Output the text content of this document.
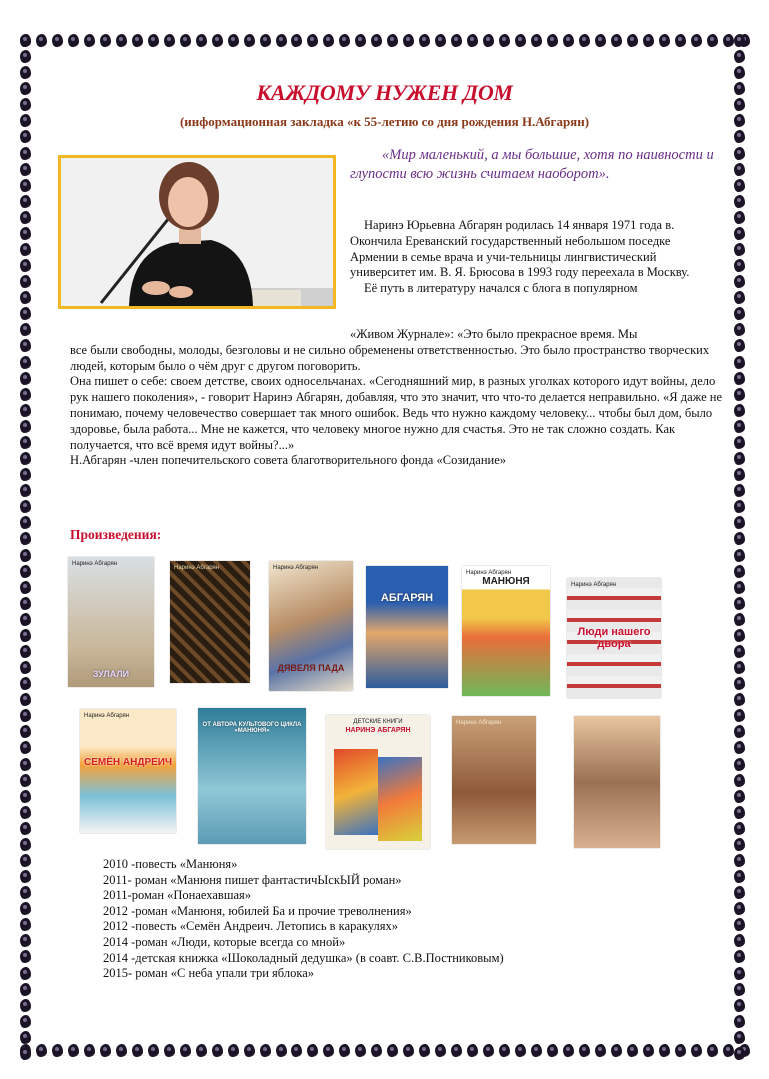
КАЖДОМУ НУЖЕН ДОМ
(информационная закладка «к 55-летию со дня рождения Н.Абгарян)
«Мир маленький, а мы большие, хотя по наивности и глупости всю жизнь считаем наоборот».

Наринэ Юрьевна Абгарян родилась 14 января 1971 года в. Окончила Ереванский государственный небольшом поседке Армении в семье врача и учи-тельницы лингвистический университет им. В. Я. Брюсова в 1993 году переехала в Москву.

Её путь в литературу начался с блога в популярном

«Живом Журнале»: «Это было прекрасное время. Мы

все были свободны, молоды, безголовы и не сильно обременены ответственностью. Это было пространство творческих людей, которым было о чём друг с другом поговорить.

Она пишет о себе: своем детстве, своих односельчанах. «Сегодняшний мир, в разных уголках которого идут войны, дело рук нашего поколения», - говорит Наринэ Абгарян, добавляя, что это значит, что что-то делается неправильно. «Я даже не понимаю, почему человечество совершает так много ошибок. Ведь что нужно каждому человеку... чтобы был дом, было здоровье, была работа... Мне не кажется, что человеку многое нужно для счастья. Это не так сложно создать. Как получается, что всё время идут войны?...»

Н.Абгарян -член попечительского совета благотворительного фонда «Созидание»

Произведения:
Наринэ Абгарян
ЗУЛАЛИ
Наринэ Абгарян	Наринэ Абгарян
ДЯВЕЛЯ ПАДА
АБГАРЯН
Наринэ Абгарян
МАНЮНЯ	Наринэ Абгарян
Люди нашего двора
Наринэ Абгарян
СЕМЁН АНДРЕИЧ
ОТ АВТОРА КУЛЬТОВОГО ЦИКЛА «МАНЮНЯ»
ДЕТСКИЕ КНИГИ
НАРИНЭ АБГАРЯН
Наринэ Абгарян
2010 -повесть «Манюня»
2011- роман «Манюня пишет фантастичЫскЫЙ роман»
2011-роман «Понаехавшая»
2012 -роман «Манюня, юбилей Ба и прочие треволнения»
2012 -повесть «Семён Андреич. Летопись в каракулях»
2014 -роман «Люди, которые всегда со мной»
2014 -детская книжка «Шоколадный дедушка» (в соавт. С.В.Постниковым)
2015- роман «С неба упали три яблока»
